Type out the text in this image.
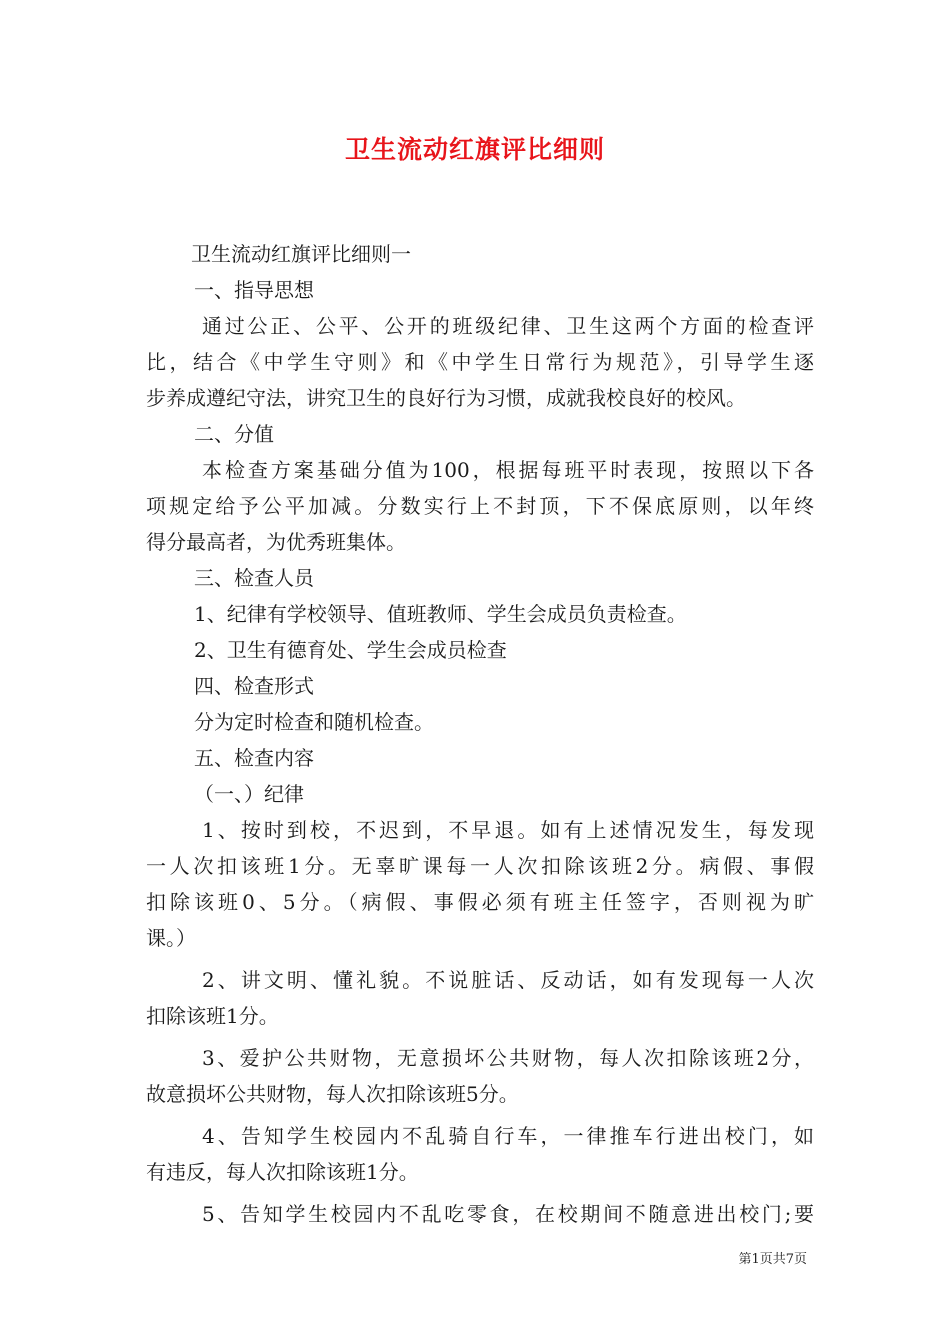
卫生流动红旗评比细则
卫生流动红旗评比细则一
一、指导思想
通过公正、公平、公开的班级纪律、卫生这两个方面的检查评
比，结合《中学生守则》和《中学生日常行为规范》，引导学生逐
步养成遵纪守法，讲究卫生的良好行为习惯，成就我校良好的校风。
二、分值
本检查方案基础分值为100，根据每班平时表现，按照以下各
项规定给予公平加减。分数实行上不封顶，下不保底原则，以年终
得分最高者，为优秀班集体。
三、检查人员
1、纪律有学校领导、值班教师、学生会成员负责检查。
2、卫生有德育处、学生会成员检查
四、检查形式
分为定时检查和随机检查。
五、检查内容
（一、）纪律
1、按时到校，不迟到，不早退。如有上述情况发生，每发现
一人次扣该班1分。无辜旷课每一人次扣除该班2分。病假、事假
扣除该班0、5分。（病假、事假必须有班主任签字，否则视为旷
课。）
2、讲文明、懂礼貌。不说脏话、反动话，如有发现每一人次
扣除该班1分。
3、爱护公共财物，无意损坏公共财物，每人次扣除该班2分，
故意损坏公共财物，每人次扣除该班5分。
4、告知学生校园内不乱骑自行车，一律推车行进出校门，如
有违反，每人次扣除该班1分。
5、告知学生校园内不乱吃零食，在校期间不随意进出校门;要
第1页共7页
